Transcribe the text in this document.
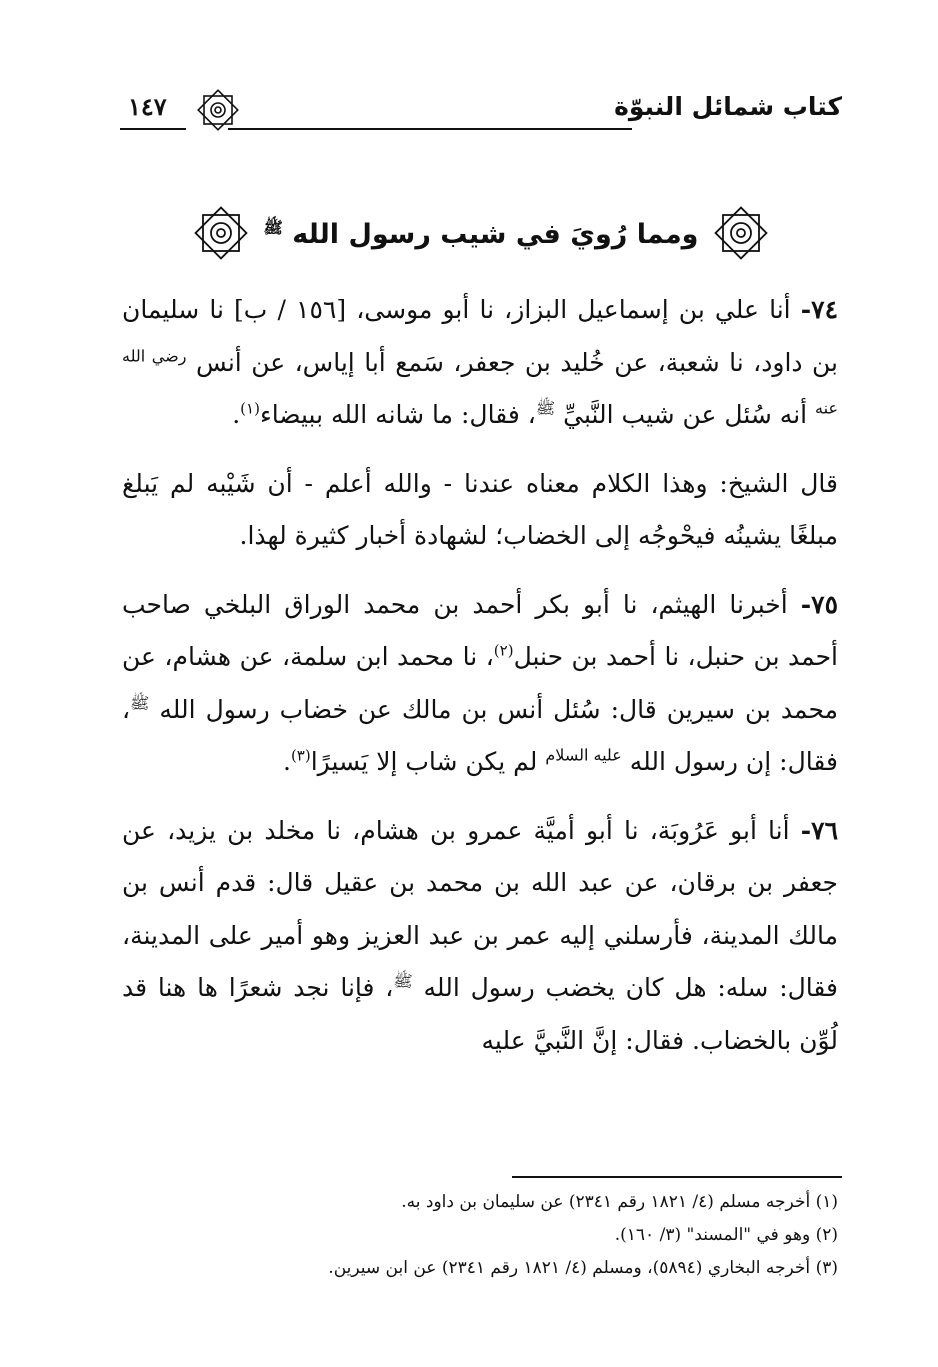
كتاب شمائل النبوّة
١٤٧
ومما رُويَ في شيب رسول الله $^ﷺ$

٧٤- أنا علي بن إسماعيل البزاز، نا أبو موسى، [١٥٦ / ب] نا سليمان بن داود، نا شعبة، عن خُليد بن جعفر، سَمع أبا إياس، عن أنس $^{رضي الله عنه}$ أنه سُئل عن شيب النَّبيِّ $^ﷺ$، فقال: ما شانه الله ببيضاء$^{(١)}$.

قال الشيخ: وهذا الكلام معناه عندنا - والله أعلم - أن شَيْبه لم يَبلغ مبلغًا يشينُه فيحْوجُه إلى الخضاب؛ لشهادة أخبار كثيرة لهذا.

٧٥- أخبرنا الهيثم، نا أبو بكر أحمد بن محمد الوراق البلخي صاحب أحمد بن حنبل، نا أحمد بن حنبل$^{(٢)}$، نا محمد ابن سلمة، عن هشام، عن محمد بن سيرين قال: سُئل أنس بن مالك عن خضاب رسول الله $^ﷺ$، فقال: إن رسول الله $^{عليه السلام}$ لم يكن شاب إلا يَسيرًا$^{(٣)}$.

٧٦- أنا أبو عَرُوبَة، نا أبو أميَّة عمرو بن هشام، نا مخلد بن يزيد، عن جعفر بن برقان، عن عبد الله بن محمد بن عقيل قال: قدم أنس بن مالك المدينة، فأرسلني إليه عمر بن عبد العزيز وهو أمير على المدينة، فقال: سله: هل كان يخضب رسول الله $^ﷺ$، فإنا نجد شعرًا ها هنا قد لُوِّن بالخضاب. فقال: إنَّ النَّبيَّ عليه

(١) أخرجه مسلم (٤/ ١٨٢١ رقم ٢٣٤١) عن سليمان بن داود به.
(٢) وهو في "المسند" (٣/ ١٦٠).
(٣) أخرجه البخاري (٥٨٩٤)، ومسلم (٤/ ١٨٢١ رقم ٢٣٤١) عن ابن سيرين.
